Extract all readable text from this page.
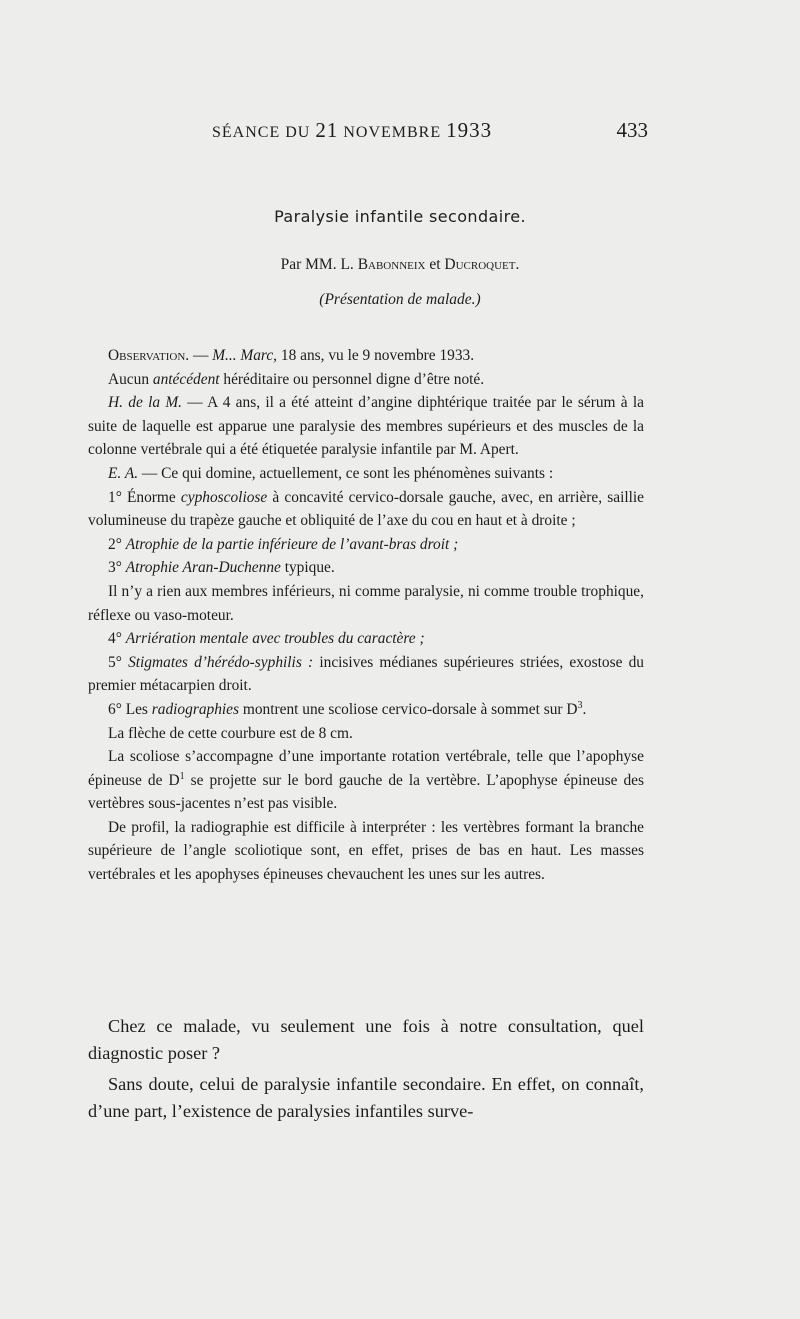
SÉANCE DU 21 NOVEMBRE 1933	433
Paralysie infantile secondaire.
Par MM. L. Babonneix et Ducroquet.
(Présentation de malade.)

Observation. — M... Marc, 18 ans, vu le 9 novembre 1933.

Aucun antécédent héréditaire ou personnel digne d’être noté.

H. de la M. — A 4 ans, il a été atteint d’angine diphtérique traitée par le sérum à la suite de laquelle est apparue une paralysie des membres supérieurs et des muscles de la colonne vertébrale qui a été étiquetée paralysie infantile par M. Apert.

E. A. — Ce qui domine, actuellement, ce sont les phénomènes suivants :

1° Énorme cyphoscoliose à concavité cervico-dorsale gauche, avec, en arrière, saillie volumineuse du trapèze gauche et obliquité de l’axe du cou en haut et à droite ;

2° Atrophie de la partie inférieure de l’avant-bras droit ;

3° Atrophie Aran-Duchenne typique.

Il n’y a rien aux membres inférieurs, ni comme paralysie, ni comme trouble trophique, réflexe ou vaso-moteur.

4° Arriération mentale avec troubles du caractère ;

5° Stigmates d’hérédo-syphilis : incisives médianes supérieures striées, exostose du premier métacarpien droit.

6° Les radiographies montrent une scoliose cervico-dorsale à sommet sur $D^3$.

La flèche de cette courbure est de 8 cm.

La scoliose s’accompagne d’une importante rotation vertébrale, telle que l’apophyse épineuse de $D^1$ se projette sur le bord gauche de la vertèbre. L’apophyse épineuse des vertèbres sous-jacentes n’est pas visible.

De profil, la radiographie est difficile à interpréter : les vertèbres formant la branche supérieure de l’angle scoliotique sont, en effet, prises de bas en haut. Les masses vertébrales et les apophyses épineuses chevauchent les unes sur les autres.

Chez ce malade, vu seulement une fois à notre consultation, quel diagnostic poser ?

Sans doute, celui de paralysie infantile secondaire. En effet, on connaît, d’une part, l’existence de paralysies infantiles surve-
